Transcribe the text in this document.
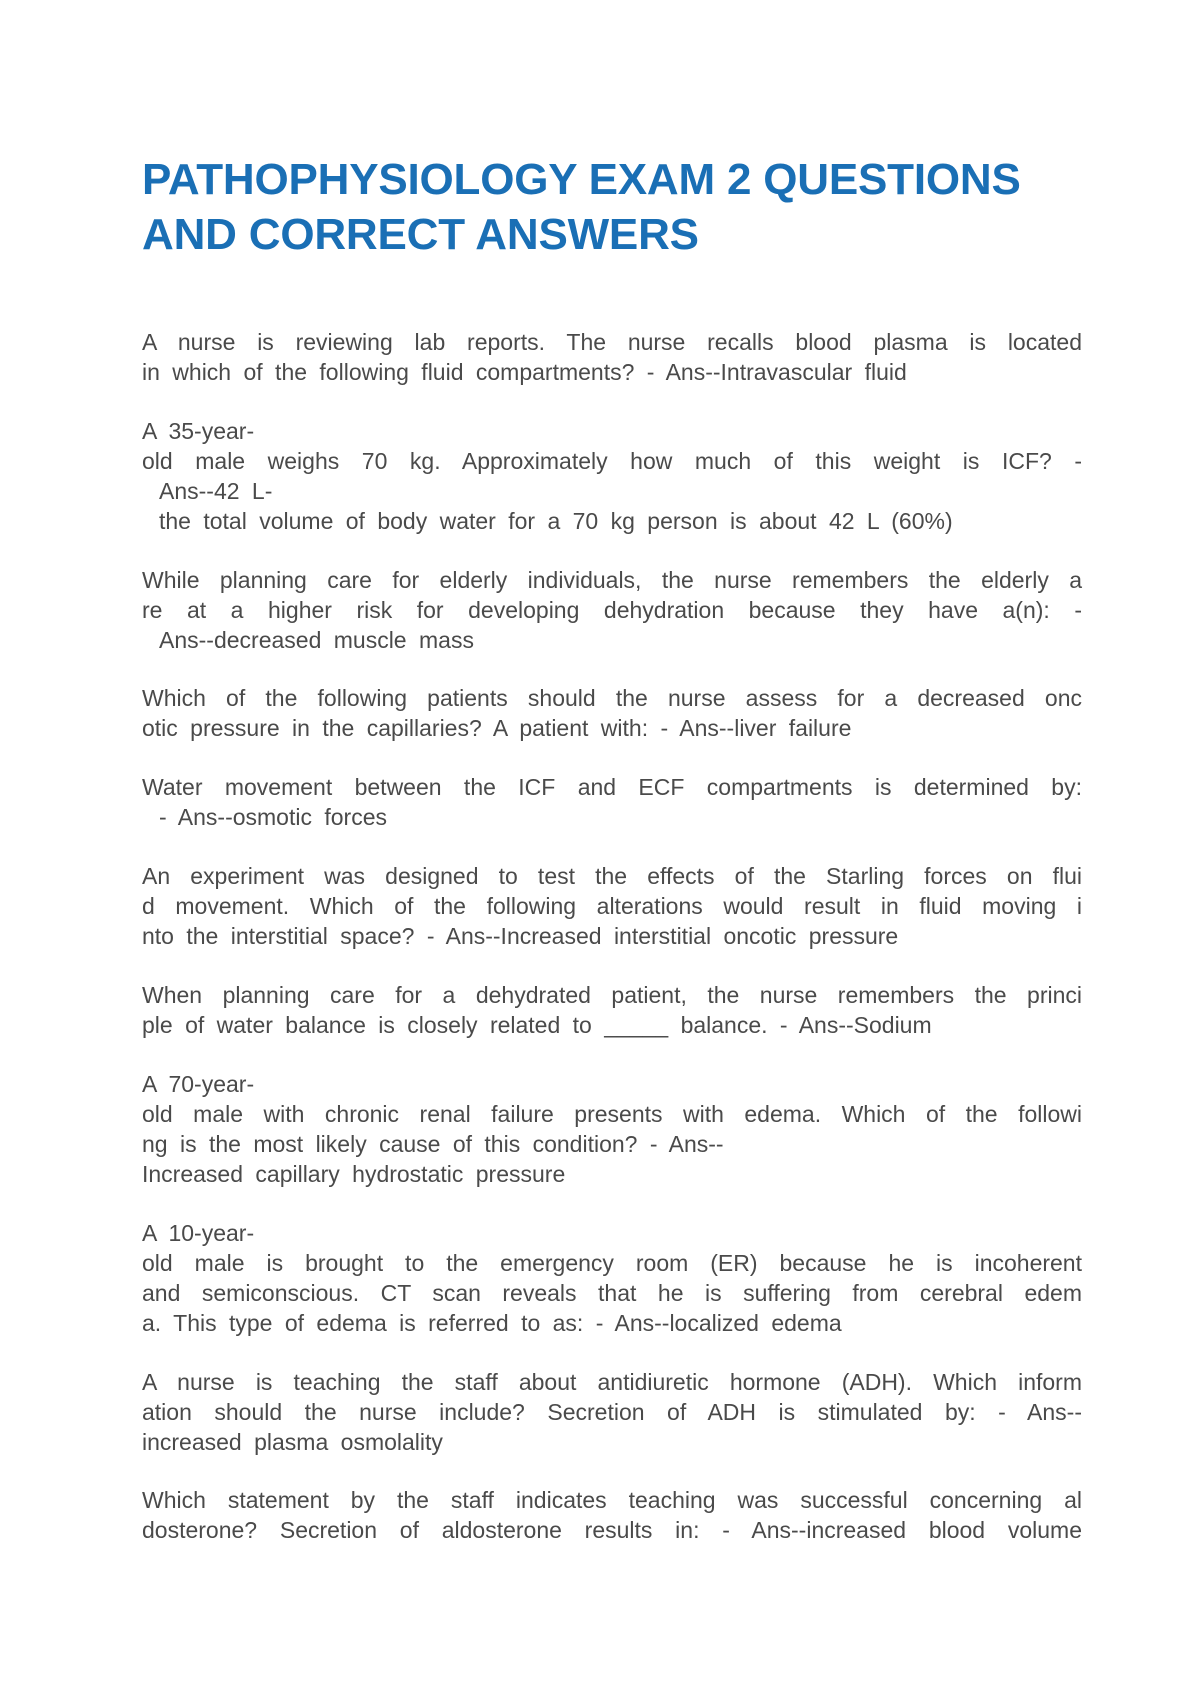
PATHOPHYSIOLOGY EXAM 2 QUESTIONS
AND CORRECT ANSWERS

A nurse is reviewing lab reports. The nurse recalls blood plasma is located
in which of the following fluid compartments? - Ans--Intravascular fluid

A 35-year-
old male weighs 70 kg. Approximately how much of this weight is ICF? -
Ans--42 L-
the total volume of body water for a 70 kg person is about 42 L (60%)

While planning care for elderly individuals, the nurse remembers the elderly a
re at a higher risk for developing dehydration because they have a(n): -
Ans--decreased muscle mass

Which of the following patients should the nurse assess for a decreased onc
otic pressure in the capillaries? A patient with: - Ans--liver failure

Water movement between the ICF and ECF compartments is determined by:
- Ans--osmotic forces

An experiment was designed to test the effects of the Starling forces on flui
d movement. Which of the following alterations would result in fluid moving i
nto the interstitial space? - Ans--Increased interstitial oncotic pressure

When planning care for a dehydrated patient, the nurse remembers the princi
ple of water balance is closely related to _____ balance. - Ans--Sodium

A 70-year-
old male with chronic renal failure presents with edema. Which of the followi
ng is the most likely cause of this condition? - Ans--
Increased capillary hydrostatic pressure

A 10-year-
old male is brought to the emergency room (ER) because he is incoherent
and semiconscious. CT scan reveals that he is suffering from cerebral edem
a. This type of edema is referred to as: - Ans--localized edema

A nurse is teaching the staff about antidiuretic hormone (ADH). Which inform
ation should the nurse include? Secretion of ADH is stimulated by: - Ans--
increased plasma osmolality

Which statement by the staff indicates teaching was successful concerning al
dosterone? Secretion of aldosterone results in: - Ans--increased blood volume
